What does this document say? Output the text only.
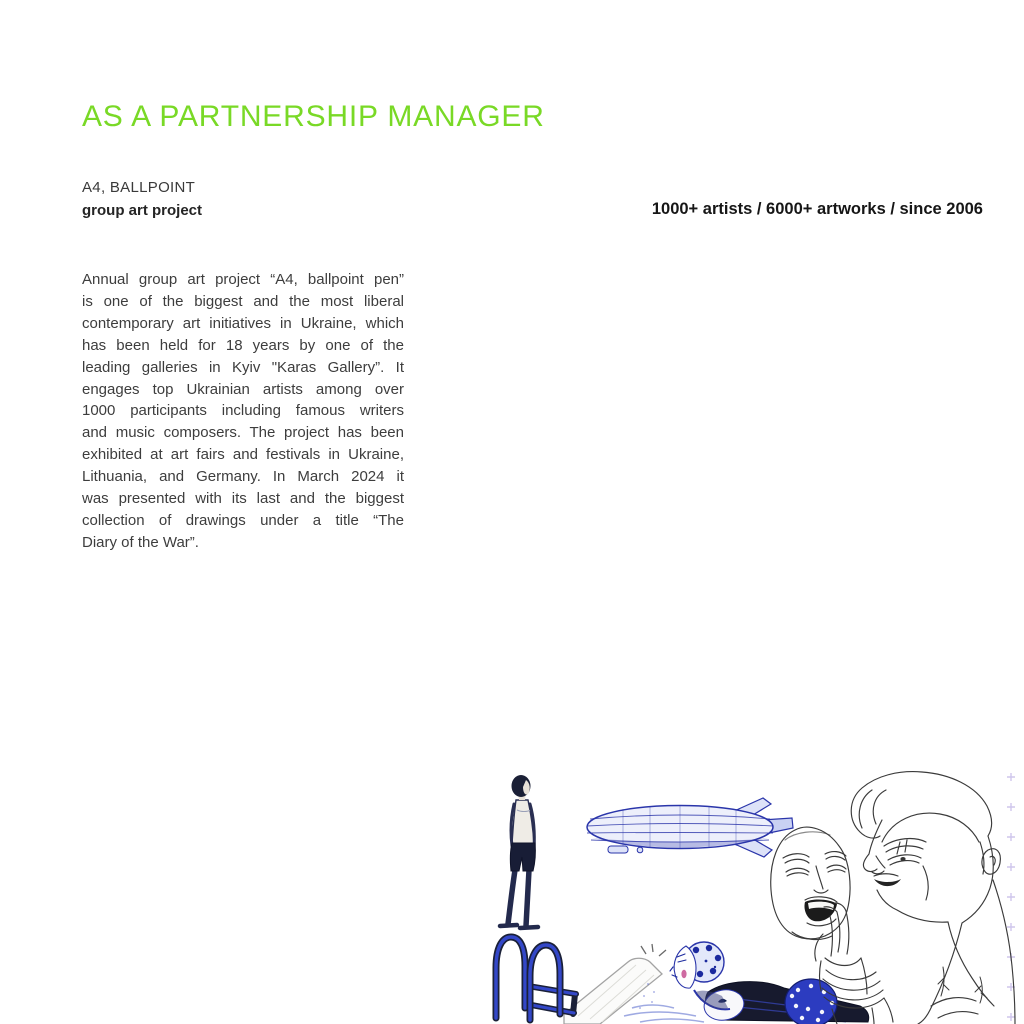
AS A PARTNERSHIP MANAGER
A4, BALLPOINT
group art project	1000+ artists / 6000+ artworks / since 2006
Annual group art project “A4, ballpoint pen”
is one of the biggest and the most liberal
contemporary art initiatives in Ukraine, which
has been held for 18 years by one of the
leading galleries in Kyiv "Karas Gallery”. It
engages top Ukrainian artists among over
1000 participants including famous writers
and music composers. The project has been
exhibited at art fairs and festivals in Ukraine,
Lithuania, and Germany. In March 2024 it
was presented with its last and the biggest
collection of drawings under a title “The
Diary of the War”.
